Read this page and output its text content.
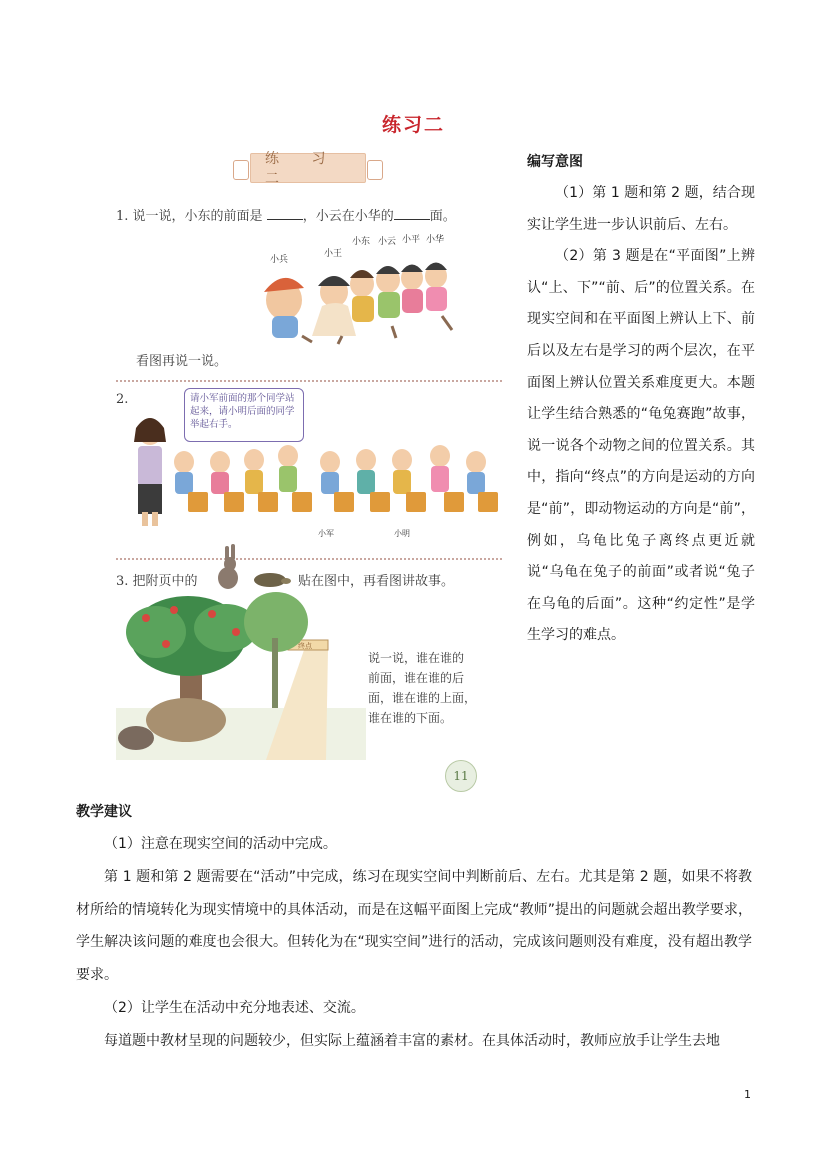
练习二
练 习 二
1. 说一说，小东的前面是	，小云在小华的	面。
小兵
小王
小东 小云 小平 小华
看图再说一说。
2.	请小军前面的那个同学站起来，请小明后面的同学举起右手。
小军	小明
3. 把附页中的	贴在图中，再看图讲故事。
终点
说一说，谁在谁的
前面，谁在谁的后
面，谁在谁的上面，
谁在谁的下面。
11
编写意图

（1）第 1 题和第 2 题，结合现实让学生进一步认识前后、左右。

（2）第 3 题是在“平面图”上辨认“上、下”“前、后”的位置关系。在现实空间和在平面图上辨认上下、前后以及左右是学习的两个层次，在平面图上辨认位置关系难度更大。本题让学生结合熟悉的“龟兔赛跑”故事，说一说各个动物之间的位置关系。其中，指向“终点”的方向是运动的方向是“前”，即动物运动的方向是“前”，例如，乌龟比兔子离终点更近就说“乌龟在兔子的前面”或者说“兔子在乌龟的后面”。这种“约定性”是学生学习的难点。

教学建议

（1）注意在现实空间的活动中完成。

第 1 题和第 2 题需要在“活动”中完成，练习在现实空间中判断前后、左右。尤其是第 2 题，如果不将教材所给的情境转化为现实情境中的具体活动，而是在这幅平面图上完成“教师”提出的问题就会超出教学要求，学生解决该问题的难度也会很大。但转化为在“现实空间”进行的活动，完成该问题则没有难度，没有超出教学要求。

（2）让学生在活动中充分地表述、交流。

每道题中教材呈现的问题较少，但实际上蕴涵着丰富的素材。在具体活动时，教师应放手让学生去地

1
